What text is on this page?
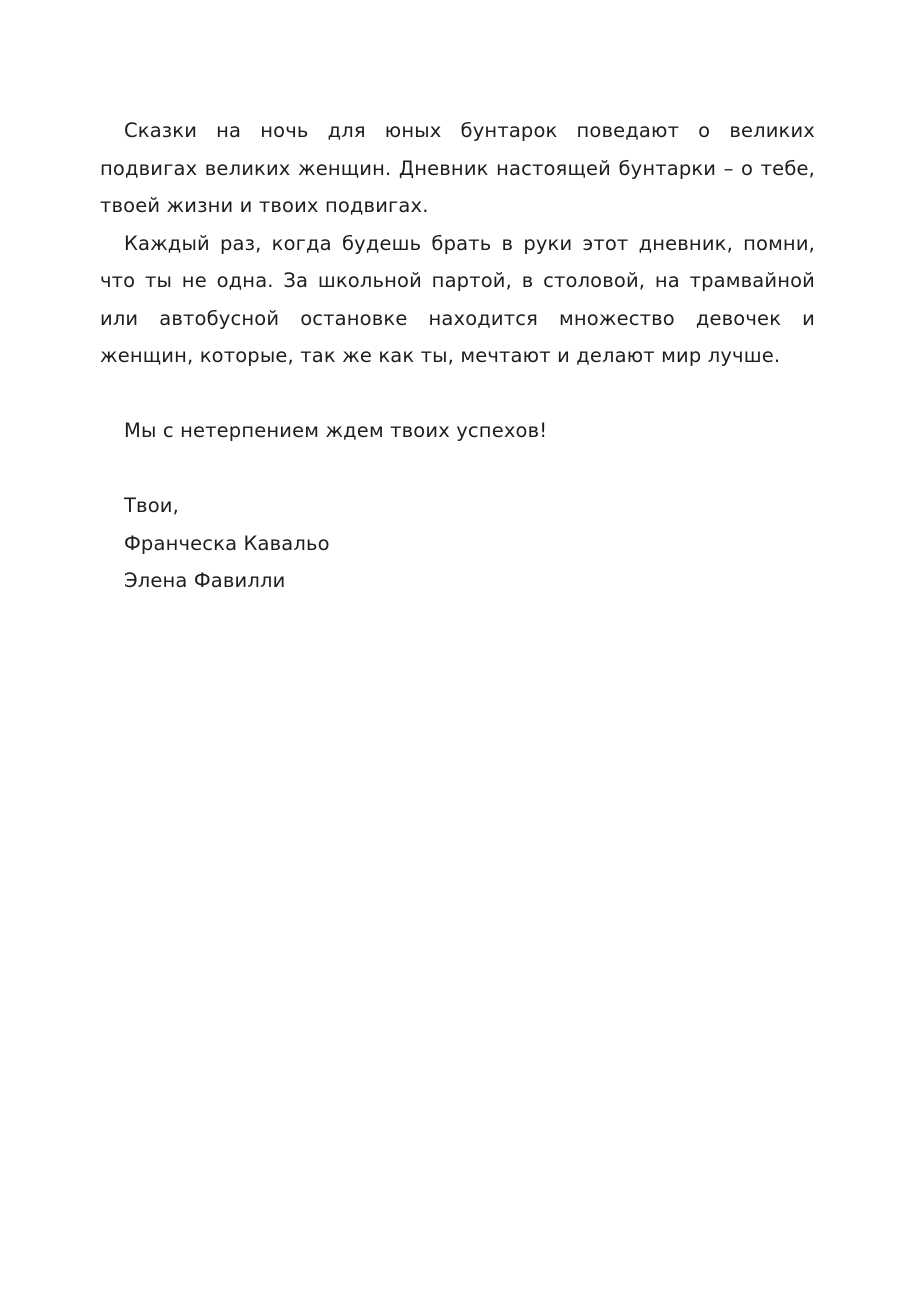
Сказки на ночь для юных бунтарок поведают о великих подвигах великих женщин. Дневник настоящей бунтарки – о тебе, твоей жизни и твоих подвигах.

Каждый раз, когда будешь брать в руки этот дневник, помни, что ты не одна. За школьной партой, в столовой, на трамвайной или автобусной остановке находится множество девочек и женщин, которые, так же как ты, мечтают и делают мир лучше.

Мы с нетерпением ждем твоих успехов!

Твои,

Франческа Кавальо

Элена Фавилли
